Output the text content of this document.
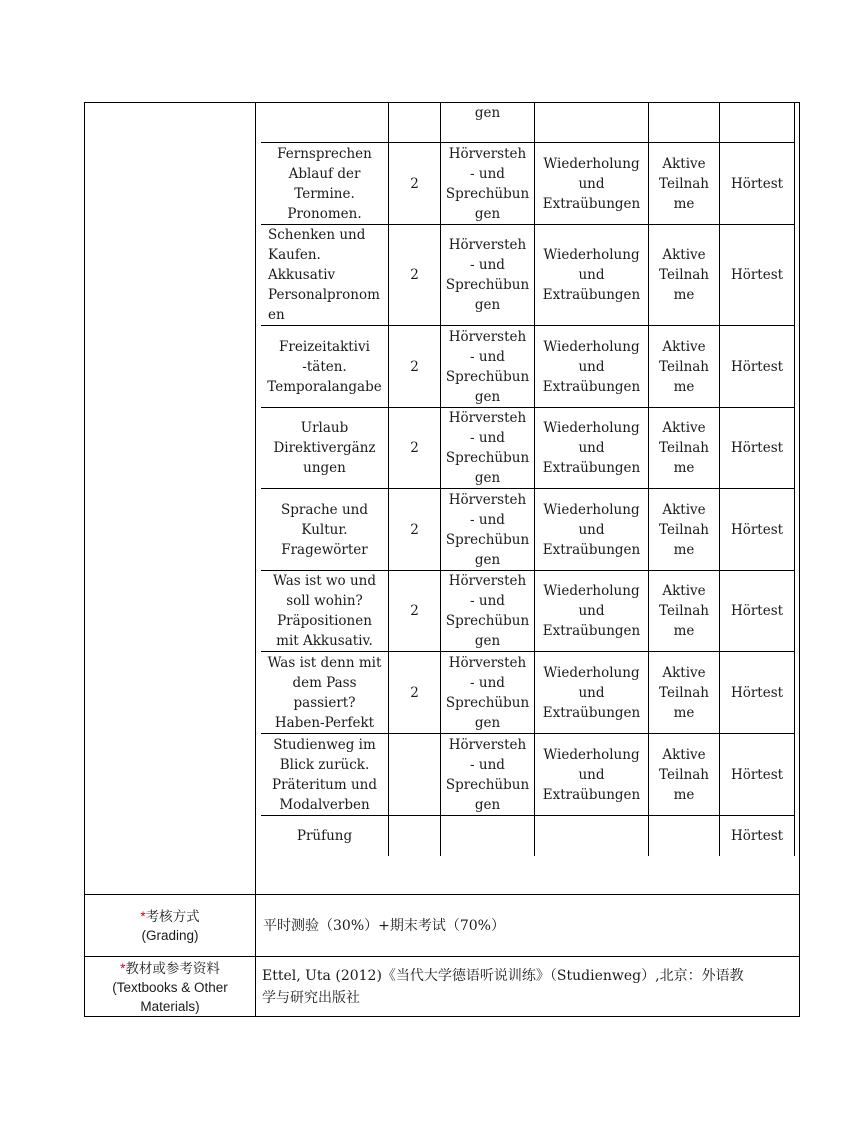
gen
Fernsprechen
Ablauf der
Termine.
Pronomen.
2
Hörversteh
- und
Sprechübun
gen
Wiederholung
und
Extraübungen
Aktive
Teilnah
me
Hörtest
Schenken und
Kaufen.
Akkusativ
Personalpronom
en
2
Hörversteh
- und
Sprechübun
gen
Wiederholung
und
Extraübungen
Aktive
Teilnah
me
Hörtest
Freizeitaktivi
-täten.
Temporalangabe
2
Hörversteh
- und
Sprechübun
gen
Wiederholung
und
Extraübungen
Aktive
Teilnah
me
Hörtest
Urlaub
Direktivergänz
ungen
2
Hörversteh
- und
Sprechübun
gen
Wiederholung
und
Extraübungen
Aktive
Teilnah
me
Hörtest
Sprache und
Kultur.
Fragewörter
2
Hörversteh
- und
Sprechübun
gen
Wiederholung
und
Extraübungen
Aktive
Teilnah
me
Hörtest
Was ist wo und
soll wohin?
Präpositionen
mit Akkusativ.
2
Hörversteh
- und
Sprechübun
gen
Wiederholung
und
Extraübungen
Aktive
Teilnah
me
Hörtest
Was ist denn mit
dem Pass
passiert?
Haben-Perfekt
2
Hörversteh
- und
Sprechübun
gen
Wiederholung
und
Extraübungen
Aktive
Teilnah
me
Hörtest
Studienweg im
Blick zurück.
Präteritum und
Modalverben
Hörversteh
- und
Sprechübun
gen
Wiederholung
und
Extraübungen
Aktive
Teilnah
me
Hörtest
Prüfung	Hörtest
*考核方式
(Grading)
平时测验（30%）+期末考试（70%）
*教材或参考资料
(Textbooks & Other
Materials)
Ettel, Uta (2012)《当代大学德语听说训练》（Studienweg）,北京：外语教
学与研究出版社
